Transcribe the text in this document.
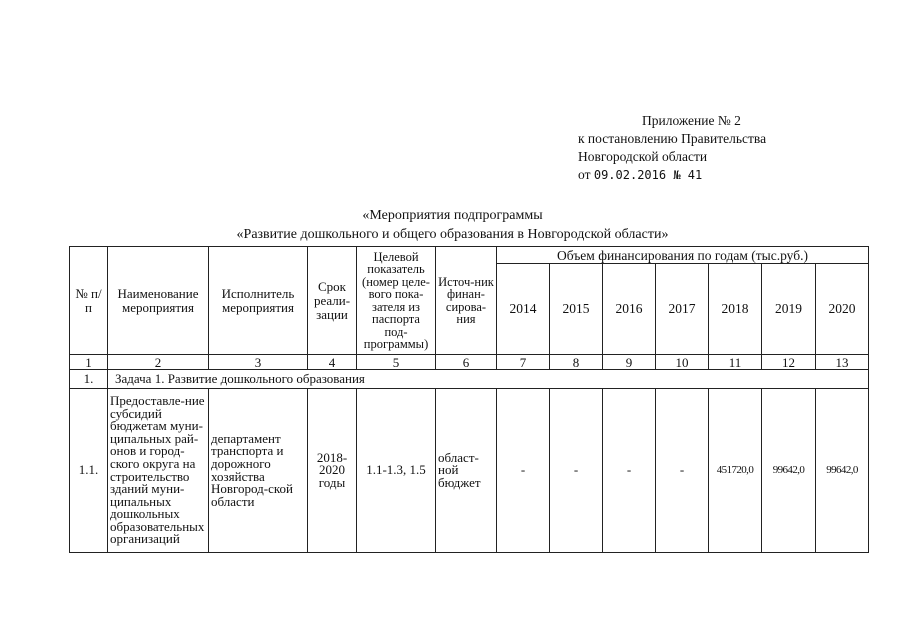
Приложение № 2
к постановлению Правительства
Новгородской области
от 09.02.2016 № 41
«Мероприятия подпрограммы
«Развитие дошкольного и общего образования в Новгородской области»
№ п/п	Наименование мероприятия	Исполнитель мероприятия	Срок реали-зации	Целевой показатель (номер целе-вого пока-зателя из паспорта под-программы)	Источ-ник финан-сирова-ния	Объем финансирования по годам (тыс.руб.)						
						2014	2015	2016	2017	2018	2019	2020
1	2	3	4	5	6	7	8	9	10	11	12	13
1.	Задача 1. Развитие дошкольного образования											
1.1.	Предоставле-ние субсидий бюджетам муни-ципальных рай-онов и город-ского округа на строительство зданий муни-ципальных дошкольных образовательных организаций	департамент транспорта и дорожного хозяйства Новгород-ской области	2018-2020 годы	1.1-1.3, 1.5	област-ной бюджет	-	-	-	-	451720,0	99642,0	99642,0
